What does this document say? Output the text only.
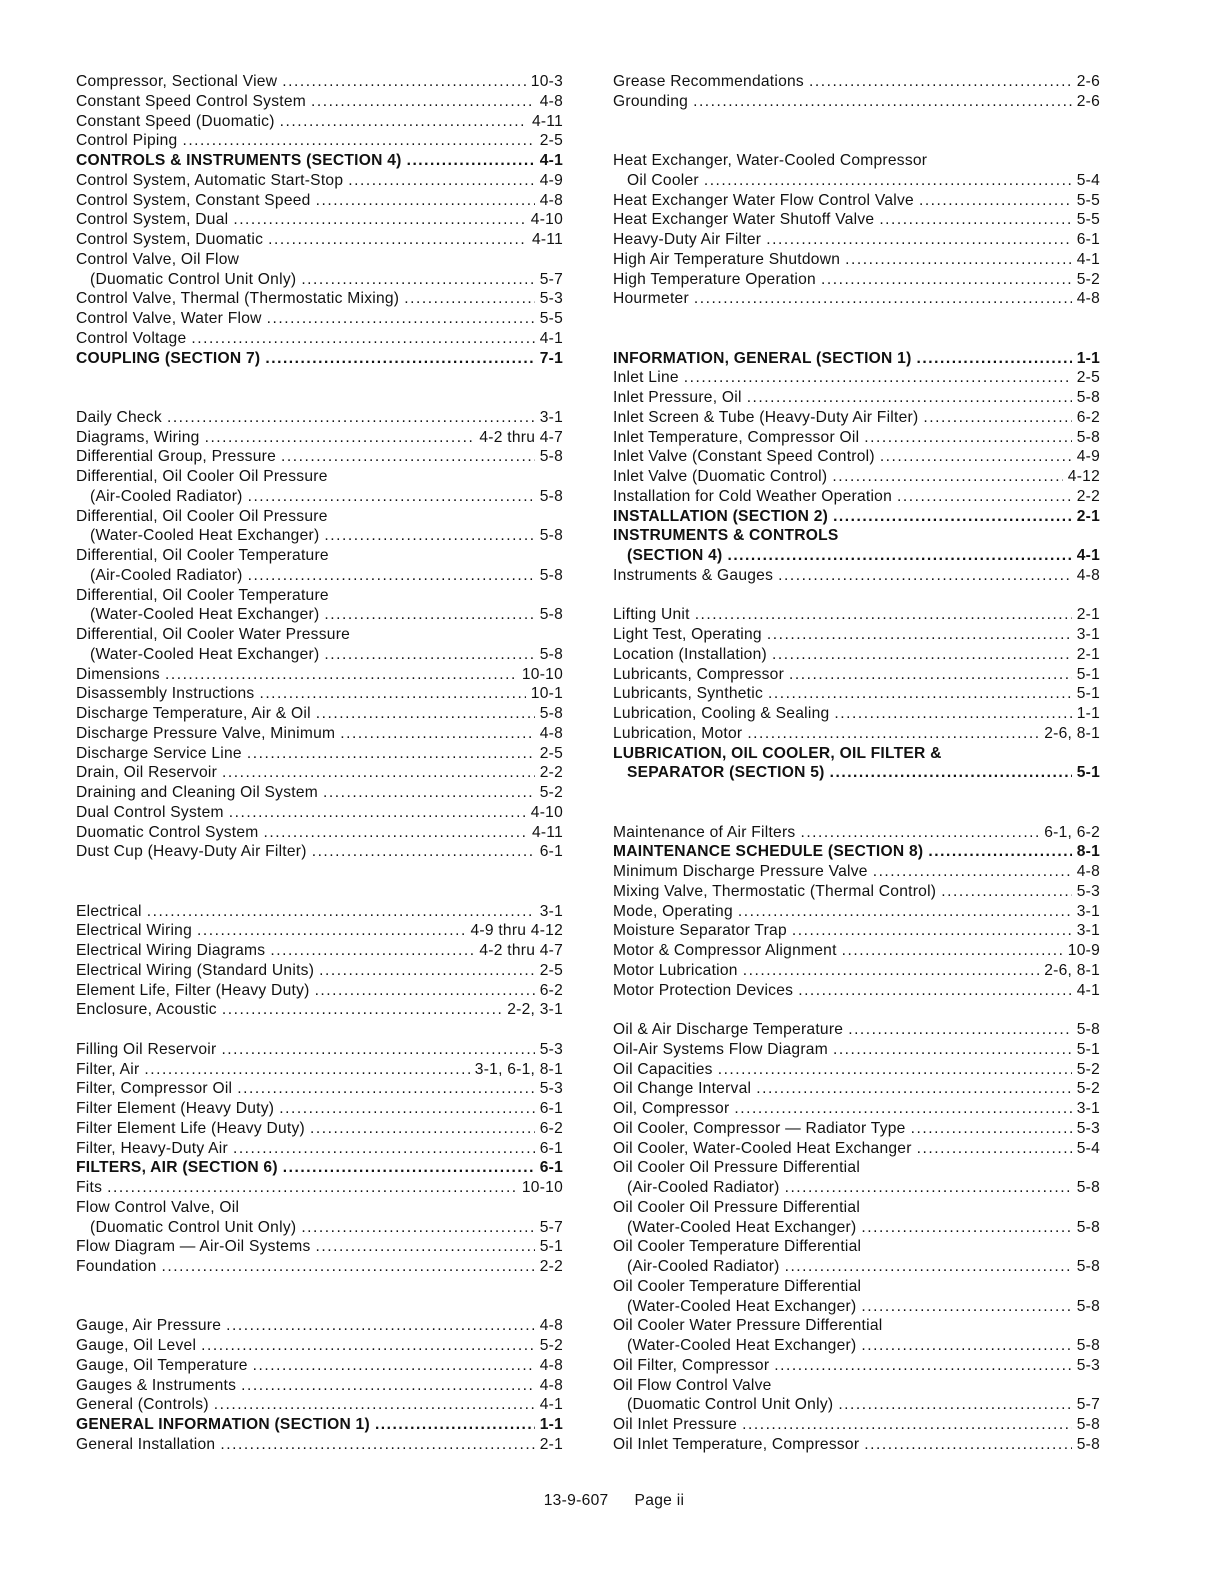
Compressor, Sectional View . . .	10-3
Constant Speed Control System . . .	4-8
Constant Speed (Duomatic) . . .	4-11
Control Piping . . .	2-5
CONTROLS & INSTRUMENTS (SECTION 4) . . .	4-1
Control System, Automatic Start-Stop . . .	4-9
Control System, Constant Speed . . .	4-8
Control System, Dual . . .	4-10
Control System, Duomatic . . .	4-11
Control Valve, Oil Flow
(Duomatic Control Unit Only) . . .	5-7
Control Valve, Thermal (Thermostatic Mixing) . . .	5-3
Control Valve, Water Flow . . .	5-5
Control Voltage . . .	4-1
COUPLING (SECTION 7) . . .	7-1
Daily Check . . .	3-1
Diagrams, Wiring . . .	4-2 thru 4-7
Differential Group, Pressure . . .	5-8
Differential, Oil Cooler Oil Pressure
(Air-Cooled Radiator) . . .	5-8
Differential, Oil Cooler Oil Pressure
(Water-Cooled Heat Exchanger) . . .	5-8
Differential, Oil Cooler Temperature
(Air-Cooled Radiator) . . .	5-8
Differential, Oil Cooler Temperature
(Water-Cooled Heat Exchanger) . . .	5-8
Differential, Oil Cooler Water Pressure
(Water-Cooled Heat Exchanger) . . .	5-8
Dimensions . . .	10-10
Disassembly Instructions . . .	10-1
Discharge Temperature, Air & Oil . . .	5-8
Discharge Pressure Valve, Minimum . . .	4-8
Discharge Service Line . . .	2-5
Drain, Oil Reservoir . . .	2-2
Draining and Cleaning Oil System . . .	5-2
Dual Control System . . .	4-10
Duomatic Control System . . .	4-11
Dust Cup (Heavy-Duty Air Filter) . . .	6-1
Electrical . . .	3-1
Electrical Wiring . . .	4-9 thru 4-12
Electrical Wiring Diagrams . . .	4-2 thru 4-7
Electrical Wiring (Standard Units) . . .	2-5
Element Life, Filter (Heavy Duty) . . .	6-2
Enclosure, Acoustic . . .	2-2, 3-1
Filling Oil Reservoir . . .	5-3
Filter, Air . . .	3-1, 6-1, 8-1
Filter, Compressor Oil . . .	5-3
Filter Element (Heavy Duty) . . .	6-1
Filter Element Life (Heavy Duty) . . .	6-2
Filter, Heavy-Duty Air . . .	6-1
FILTERS, AIR (SECTION 6) . . .	6-1
Fits . . .	10-10
Flow Control Valve, Oil
(Duomatic Control Unit Only) . . .	5-7
Flow Diagram — Air-Oil Systems . . .	5-1
Foundation . . .	2-2
Gauge, Air Pressure . . .	4-8
Gauge, Oil Level . . .	5-2
Gauge, Oil Temperature . . .	4-8
Gauges & Instruments . . .	4-8
General (Controls) . . .	4-1
GENERAL INFORMATION (SECTION 1) . . .	1-1
General Installation . . .	2-1
Grease Recommendations . . .	2-6
Grounding . . .	2-6
Heat Exchanger, Water-Cooled Compressor
Oil Cooler . . .	5-4
Heat Exchanger Water Flow Control Valve . . .	5-5
Heat Exchanger Water Shutoff Valve . . .	5-5
Heavy-Duty Air Filter . . .	6-1
High Air Temperature Shutdown . . .	4-1
High Temperature Operation . . .	5-2
Hourmeter . . .	4-8
INFORMATION, GENERAL (SECTION 1) . . .	1-1
Inlet Line . . .	2-5
Inlet Pressure, Oil . . .	5-8
Inlet Screen & Tube (Heavy-Duty Air Filter) . . .	6-2
Inlet Temperature, Compressor Oil . . .	5-8
Inlet Valve (Constant Speed Control) . . .	4-9
Inlet Valve (Duomatic Control) . . .	4-12
Installation for Cold Weather Operation . . .	2-2
INSTALLATION (SECTION 2) . . .	2-1
INSTRUMENTS & CONTROLS
(SECTION 4) . . .	4-1
Instruments & Gauges . . .	4-8
Lifting Unit . . .	2-1
Light Test, Operating . . .	3-1
Location (Installation) . . .	2-1
Lubricants, Compressor . . .	5-1
Lubricants, Synthetic . . .	5-1
Lubrication, Cooling & Sealing . . .	1-1
Lubrication, Motor . . .	2-6, 8-1
LUBRICATION, OIL COOLER, OIL FILTER &
SEPARATOR (SECTION 5) . . .	5-1
Maintenance of Air Filters . . .	6-1, 6-2
MAINTENANCE SCHEDULE (SECTION 8) . . .	8-1
Minimum Discharge Pressure Valve . . .	4-8
Mixing Valve, Thermostatic (Thermal Control) . . .	5-3
Mode, Operating . . .	3-1
Moisture Separator Trap . . .	3-1
Motor & Compressor Alignment . . .	10-9
Motor Lubrication . . .	2-6, 8-1
Motor Protection Devices . . .	4-1
Oil & Air Discharge Temperature . . .	5-8
Oil-Air Systems Flow Diagram . . .	5-1
Oil Capacities . . .	5-2
Oil Change Interval . . .	5-2
Oil, Compressor . . .	3-1
Oil Cooler, Compressor — Radiator Type . . .	5-3
Oil Cooler, Water-Cooled Heat Exchanger . . .	5-4
Oil Cooler Oil Pressure Differential
(Air-Cooled Radiator) . . .	5-8
Oil Cooler Oil Pressure Differential
(Water-Cooled Heat Exchanger) . . .	5-8
Oil Cooler Temperature Differential
(Air-Cooled Radiator) . . .	5-8
Oil Cooler Temperature Differential
(Water-Cooled Heat Exchanger) . . .	5-8
Oil Cooler Water Pressure Differential
(Water-Cooled Heat Exchanger) . . .	5-8
Oil Filter, Compressor . . .	5-3
Oil Flow Control Valve
(Duomatic Control Unit Only) . . .	5-7
Oil Inlet Pressure . . .	5-8
Oil Inlet Temperature, Compressor . . .	5-8
13-9-607 Page ii
